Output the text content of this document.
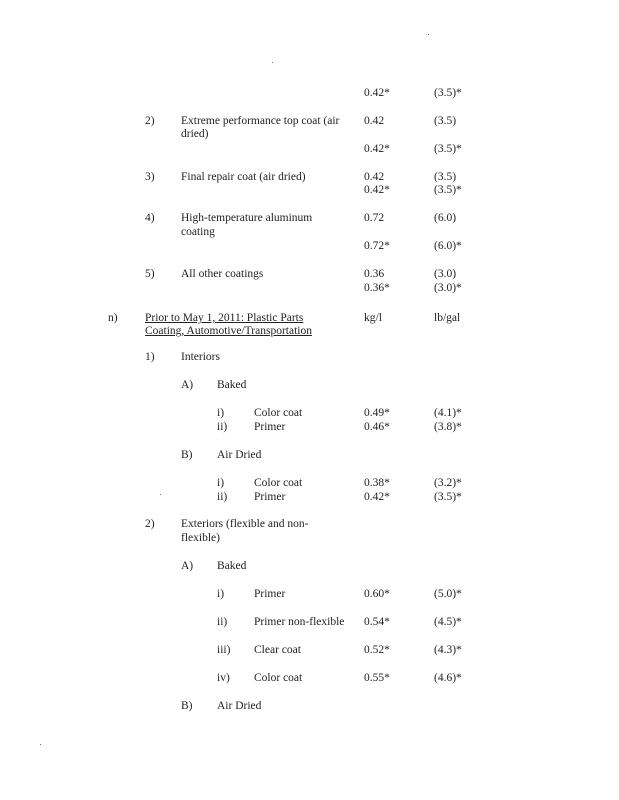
0.42*	(3.5)*
2) Extreme performance top coat (air
dried)
0.42	(3.5)
0.42*	(3.5)*
3) Final repair coat (air dried)	0.42	(3.5)
0.42*	(3.5)*
4) High-temperature aluminum
coating
0.72	(6.0)
0.72*	(6.0)*
5) All other coatings	0.36	(3.0)
0.36*	(3.0)*
n) Prior to May 1, 2011: Plastic Parts
Coating, Automotive/Transportation
kg/l	lb/gal
1) Interiors
A) Baked
i)	Color coat	0.49*	(4.1)*
ii) Primer	0.46*	(3.8)*
B) Air Dried
i)	Color coat	0.38*	(3.2)*
ii) Primer	0.42*	(3.5)*
2) Exteriors (flexible and non-
flexible)
A) Baked
i)	Primer	0.60*	(5.0)*
ii) Primer non-flexible 0.54*	(4.5)*
iii) Clear coat	0.52*	(4.3)*
iv) Color coat	0.55*	(4.6)*
B) Air Dried
